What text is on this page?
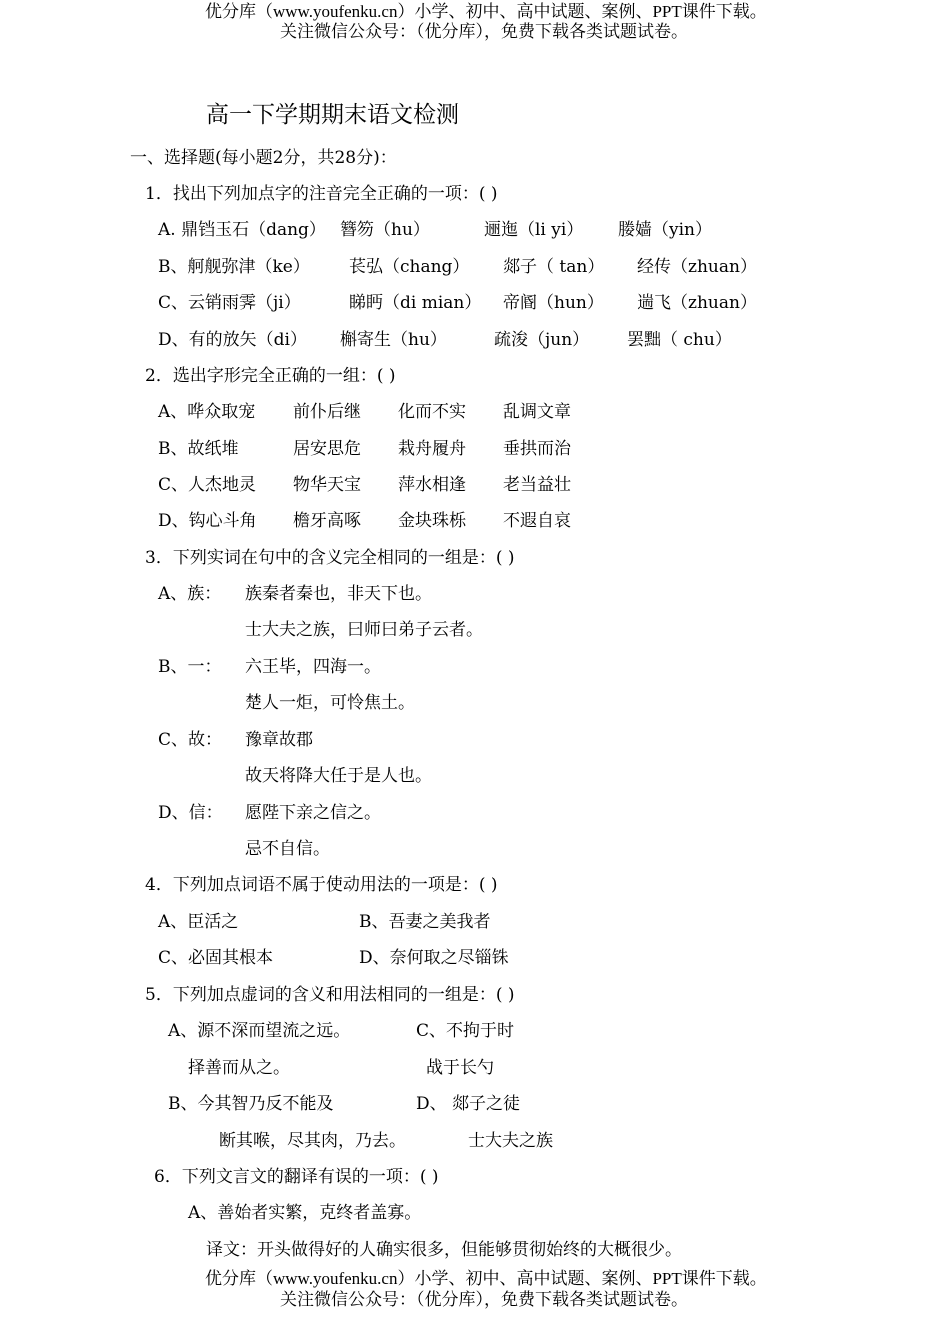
优分库（www.youfenku.cn）小学、初中、高中试题、案例、PPT课件下载。
关注微信公众号：（优分库），免费下载各类试题试卷。
高一下学期期末语文检测
一、选择题(每小题2分，共28分)：
1．找出下列加点字的注音完全正确的一项：( )
A. 鼎铛玉石（dang） 簪笏（hu）	逦迤（li yi） 媵嫱（yin）
B、舸舰弥津（ke） 苌弘（chang） 郯子（ tan） 经传（zhuan）
C、云销雨霁（ji）	睇眄（di mian） 帝阍（hun） 遄飞（zhuan）
D、有的放矢（di） 槲寄生（hu）	疏浚（jun） 罢黜（ chu）
2．选出字形完全正确的一组：( )
A、哗众取宠 前仆后继 化而不实 乱调文章
B、故纸堆	居安思危 栽舟履舟 垂拱而治
C、人杰地灵 物华天宝 萍水相逢 老当益壮
D、钩心斗角 檐牙高啄 金块珠栎 不遐自哀
3．下列实词在句中的含义完全相同的一组是：( )
A、族： 族秦者秦也，非天下也。
士大夫之族，曰师曰弟子云者。
B、一： 六王毕，四海一。
楚人一炬，可怜焦土。
C、故： 豫章故郡
故天将降大任于是人也。
D、信： 愿陛下亲之信之。
忌不自信。
4．下列加点词语不属于使动用法的一项是：( )
A、臣活之	B、吾妻之美我者
C、必固其根本	D、奈何取之尽锱铢
5．下列加点虚词的含义和用法相同的一组是：( )
A、源不深而望流之远。	C、不拘于时
择善而从之。	战于长勺
B、今其智乃反不能及	D、 郯子之徒
断其喉，尽其肉，乃去。	士大夫之族
6．下列文言文的翻译有误的一项：( )
A、善始者实繁，克终者盖寡。
译文：开头做得好的人确实很多，但能够贯彻始终的大概很少。
优分库（www.youfenku.cn）小学、初中、高中试题、案例、PPT课件下载。
关注微信公众号：（优分库），免费下载各类试题试卷。
